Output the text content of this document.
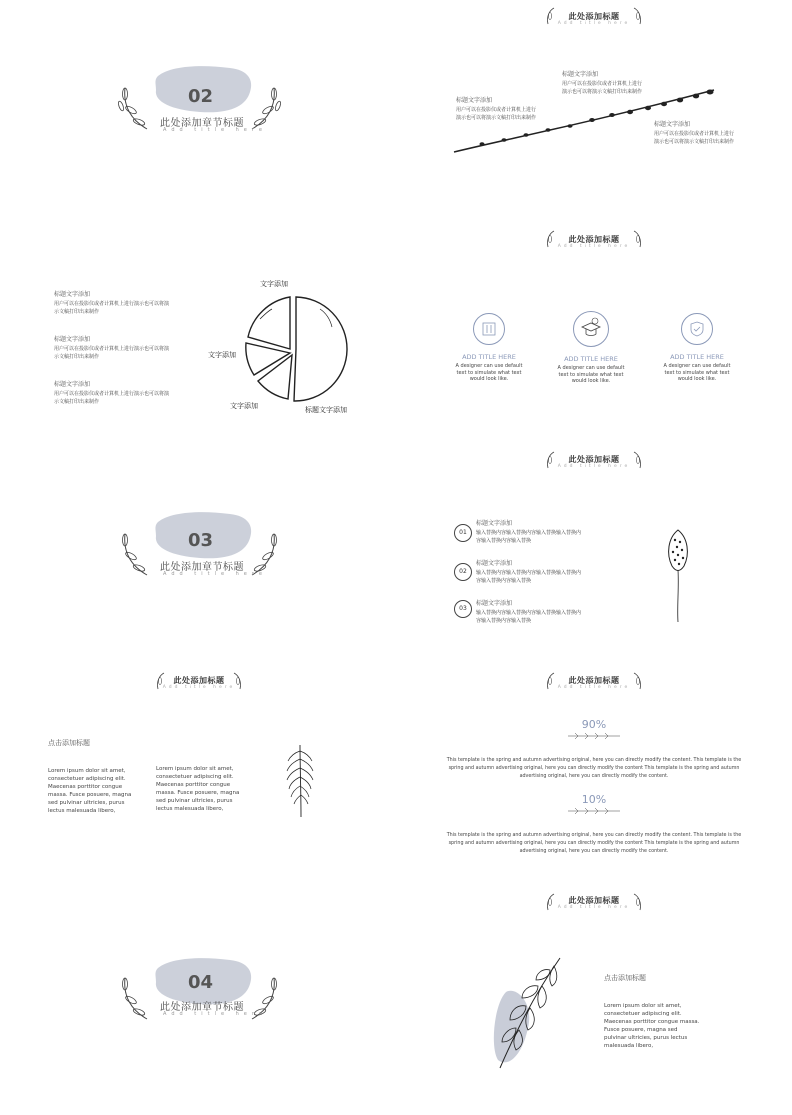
02
此处添加章节标题
Add title here
此处添加标题
Add title here
标题文字添加
用户可以在投影仪或者计算机上进行演示也可以将演示文稿打印出来制作
标题文字添加
用户可以在投影仪或者计算机上进行演示也可以将演示文稿打印出来制作
标题文字添加
用户可以在投影仪或者计算机上进行演示也可以将演示文稿打印出来制作
标题文字添加
用户可以在投影仪或者计算机上进行演示也可以将演示文稿打印出来制作
标题文字添加
用户可以在投影仪或者计算机上进行演示也可以将演示文稿打印出来制作
标题文字添加
用户可以在投影仪或者计算机上进行演示也可以将演示文稿打印出来制作
文字添加
文字添加
文字添加	标题文字添加
此处添加标题
Add title here
ADD TITLE HERE
A designer can use default text to simulate what text would look like.
ADD TITLE HERE
A designer can use default text to simulate what text would look like.
ADD TITLE HERE
A designer can use default text to simulate what text would look like.
03
此处添加章节标题
Add title here
此处添加标题
Add title here
01
标题文字添加
输入替换内容输入替换内容输入替换输入替换内容输入替换内容输入替换
02
标题文字添加
输入替换内容输入替换内容输入替换输入替换内容输入替换内容输入替换
03
标题文字添加
输入替换内容输入替换内容输入替换输入替换内容输入替换内容输入替换
此处添加标题
Add title here
点击添加标题
Lorem ipsum dolor sit amet, consectetuer adipiscing elit. Maecenas porttitor congue massa. Fusce posuere, magna sed pulvinar ultricies, purus lectus malesuada libero,
Lorem ipsum dolor sit amet, consectetuer adipiscing elit. Maecenas porttitor congue massa. Fusce posuere, magna sed pulvinar ultricies, purus lectus malesuada libero,
此处添加标题
Add title here
90%
This template is the spring and autumn advertising original, here you can directly modify the content. This template is the spring and autumn advertising original, here you can directly modify the content This template is the spring and autumn advertising original, here you can directly modify the content.
10%
This template is the spring and autumn advertising original, here you can directly modify the content. This template is the spring and autumn advertising original, here you can directly modify the content This template is the spring and autumn advertising original, here you can directly modify the content.
04
此处添加章节标题
Add title here
此处添加标题
Add title here
点击添加标题
Lorem ipsum dolor sit amet, consectetuer adipiscing elit. Maecenas porttitor congue massa. Fusce posuere, magna sed pulvinar ultricies, purus lectus malesuada libero,
